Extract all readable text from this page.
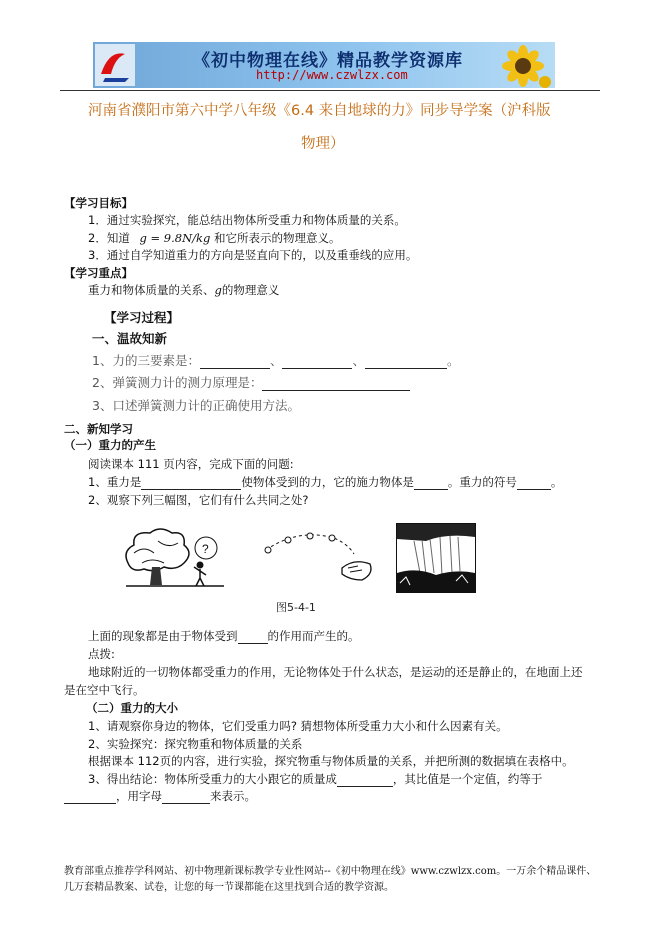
《初中物理在线》精品教学资源库
http://www.czwlzx.com
河南省濮阳市第六中学八年级《6.4 来自地球的力》同步导学案（沪科版
物理）
【学习目标】
1．通过实验探究，能总结出物体所受重力和物体质量的关系。
2．知道 g = 9.8N/kg 和它所表示的物理意义。
3．通过自学知道重力的方向是竖直向下的，以及重垂线的应用。
【学习重点】
重力和物体质量的关系、g的物理意义
【学习过程】
一、温故知新
1、力的三要素是：	、	、	。
2、弹簧测力计的测力原理是：
3、口述弹簧测力计的正确使用方法。
二、新知学习
（一）重力的产生
阅读课本 111 页内容，完成下面的问题:
1、重力是	使物体受到的力，它的施力物体是	。重力的符号	。
2、观察下列三幅图，它们有什么共同之处?
?
图5-4-1
上面的现象都是由于物体受到	的作用而产生的。
点拨:
地球附近的一切物体都受重力的作用，无论物体处于什么状态，是运动的还是静止的，在地面上还
是在空中飞行。
（二）重力的大小
1、请观察你身边的物体，它们受重力吗? 猜想物体所受重力大小和什么因素有关。
2、实验探究：探究物重和物体质量的关系
根据课本 112页的内容，进行实验，探究物重与物体质量的关系，并把所测的数据填在表格中。
3、得出结论：物体所受重力的大小跟它的质量成	，其比值是一个定值，约等于
，用字母	来表示。
教育部重点推荐学科网站、初中物理新课标教学专业性网站--《初中物理在线》www.czwlzx.com。一万余个精品课件、
几万套精品教案、试卷，让您的每一节课都能在这里找到合适的教学资源。
